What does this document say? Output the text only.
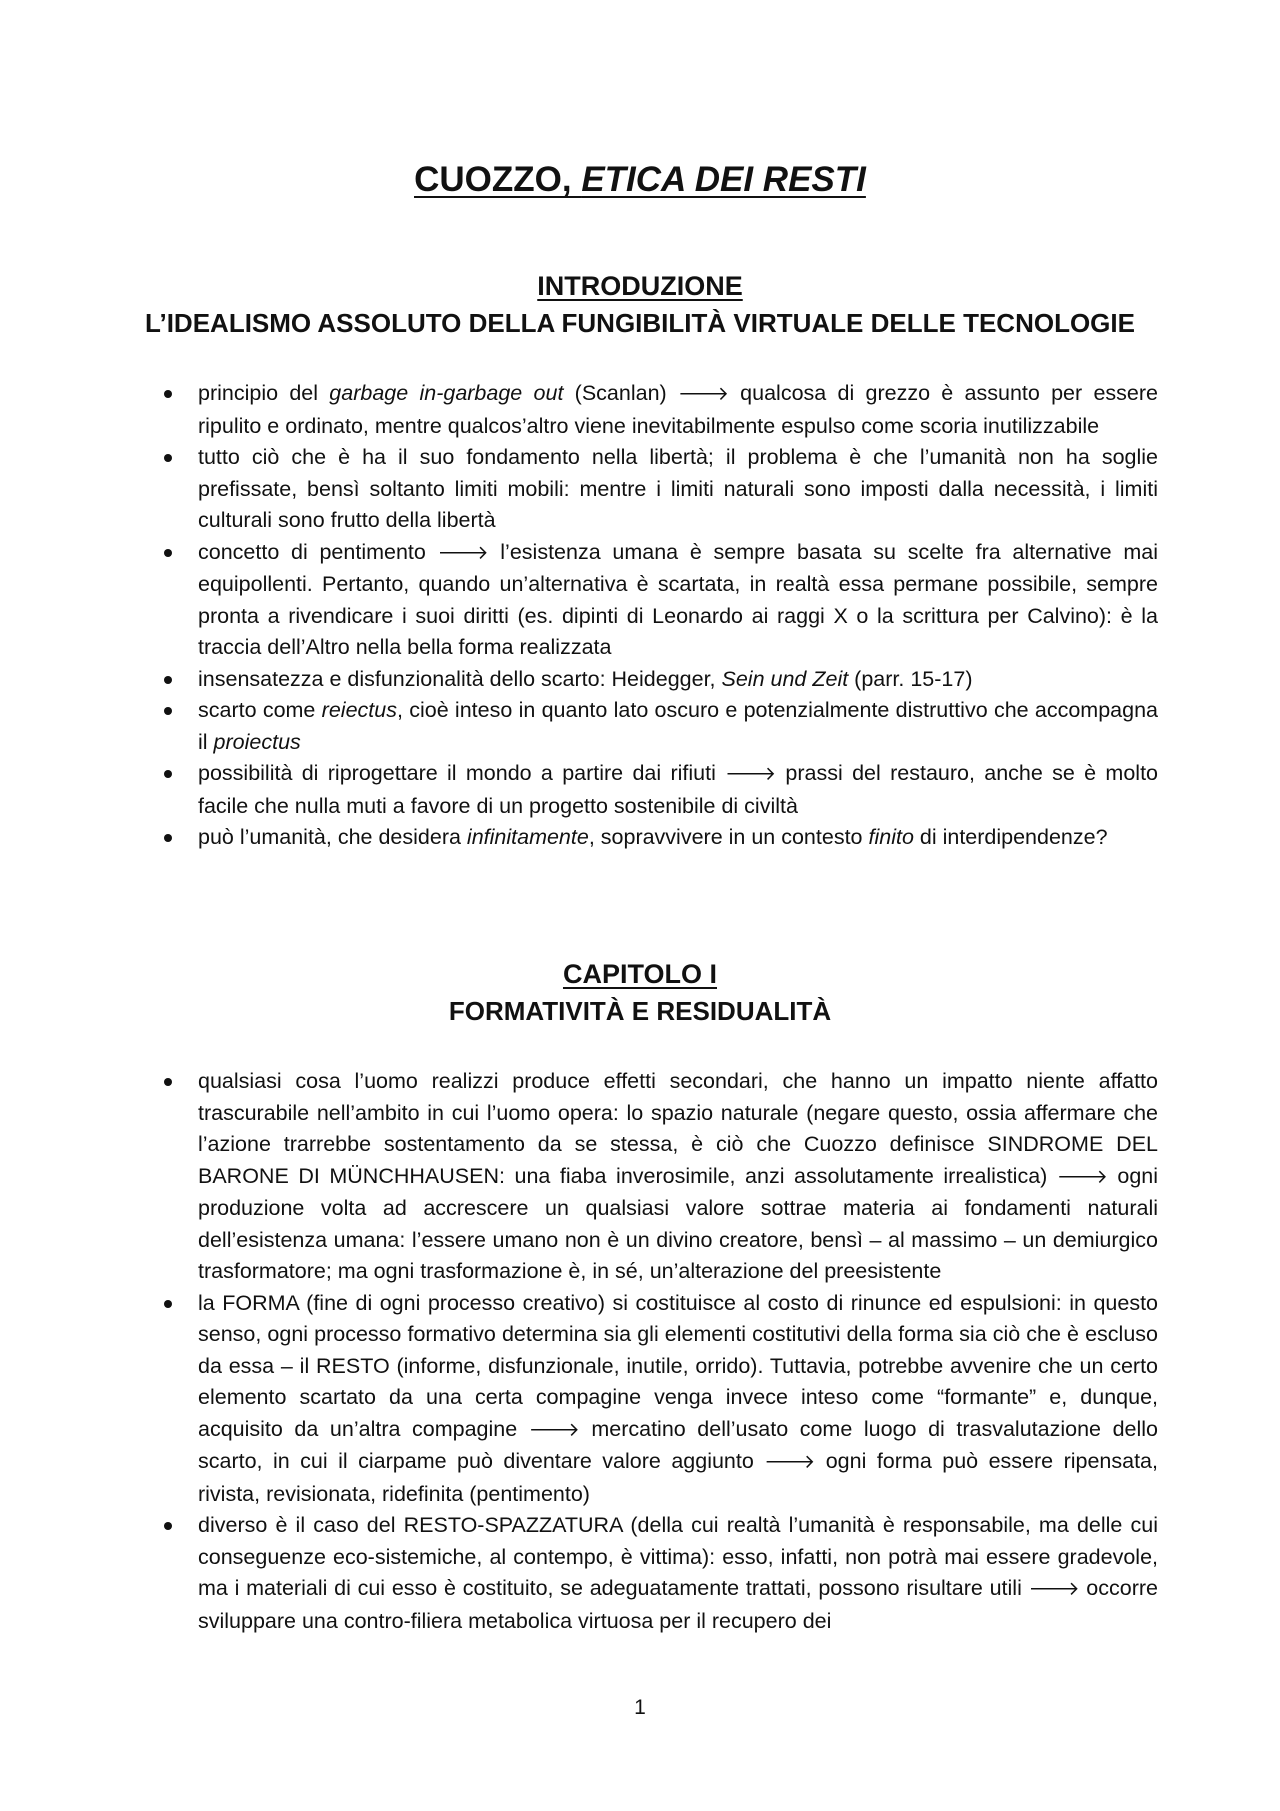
CUOZZO, ETICA DEI RESTI
INTRODUZIONE
L’IDEALISMO ASSOLUTO DELLA FUNGIBILITÀ VIRTUALE DELLE TECNOLOGIE
principio del garbage in-garbage out (Scanlan) 🡒 qualcosa di grezzo è assunto per essere ripulito e ordinato, mentre qualcos’altro viene inevitabilmente espulso come scoria inutilizzabile
tutto ciò che è ha il suo fondamento nella libertà; il problema è che l’umanità non ha soglie prefissate, bensì soltanto limiti mobili: mentre i limiti naturali sono imposti dalla necessità, i limiti culturali sono frutto della libertà
concetto di pentimento 🡒 l’esistenza umana è sempre basata su scelte fra alternative mai equipollenti. Pertanto, quando un’alternativa è scartata, in realtà essa permane possibile, sempre pronta a rivendicare i suoi diritti (es. dipinti di Leonardo ai raggi X o la scrittura per Calvino): è la traccia dell’Altro nella bella forma realizzata
insensatezza e disfunzionalità dello scarto: Heidegger, Sein und Zeit (parr. 15-17)
scarto come reiectus, cioè inteso in quanto lato oscuro e potenzialmente distruttivo che accompagna il proiectus
possibilità di riprogettare il mondo a partire dai rifiuti 🡒 prassi del restauro, anche se è molto facile che nulla muti a favore di un progetto sostenibile di civiltà
può l’umanità, che desidera infinitamente, sopravvivere in un contesto finito di interdipendenze?
CAPITOLO I
FORMATIVITÀ E RESIDUALITÀ
qualsiasi cosa l’uomo realizzi produce effetti secondari, che hanno un impatto niente affatto trascurabile nell’ambito in cui l’uomo opera: lo spazio naturale (negare questo, ossia affermare che l’azione trarrebbe sostentamento da se stessa, è ciò che Cuozzo definisce SINDROME DEL BARONE DI MÜNCHHAUSEN: una fiaba inverosimile, anzi assolutamente irrealistica) 🡒 ogni produzione volta ad accrescere un qualsiasi valore sottrae materia ai fondamenti naturali dell’esistenza umana: l’essere umano non è un divino creatore, bensì – al massimo – un demiurgico trasformatore; ma ogni trasformazione è, in sé, un’alterazione del preesistente
la FORMA (fine di ogni processo creativo) si costituisce al costo di rinunce ed espulsioni: in questo senso, ogni processo formativo determina sia gli elementi costitutivi della forma sia ciò che è escluso da essa – il RESTO (informe, disfunzionale, inutile, orrido). Tuttavia, potrebbe avvenire che un certo elemento scartato da una certa compagine venga invece inteso come “formante” e, dunque, acquisito da un’altra compagine 🡒 mercatino dell’usato come luogo di trasvalutazione dello scarto, in cui il ciarpame può diventare valore aggiunto 🡒 ogni forma può essere ripensata, rivista, revisionata, ridefinita (pentimento)
diverso è il caso del RESTO-SPAZZATURA (della cui realtà l’umanità è responsabile, ma delle cui conseguenze eco-sistemiche, al contempo, è vittima): esso, infatti, non potrà mai essere gradevole, ma i materiali di cui esso è costituito, se adeguatamente trattati, possono risultare utili 🡒 occorre sviluppare una contro-filiera metabolica virtuosa per il recupero dei
1
